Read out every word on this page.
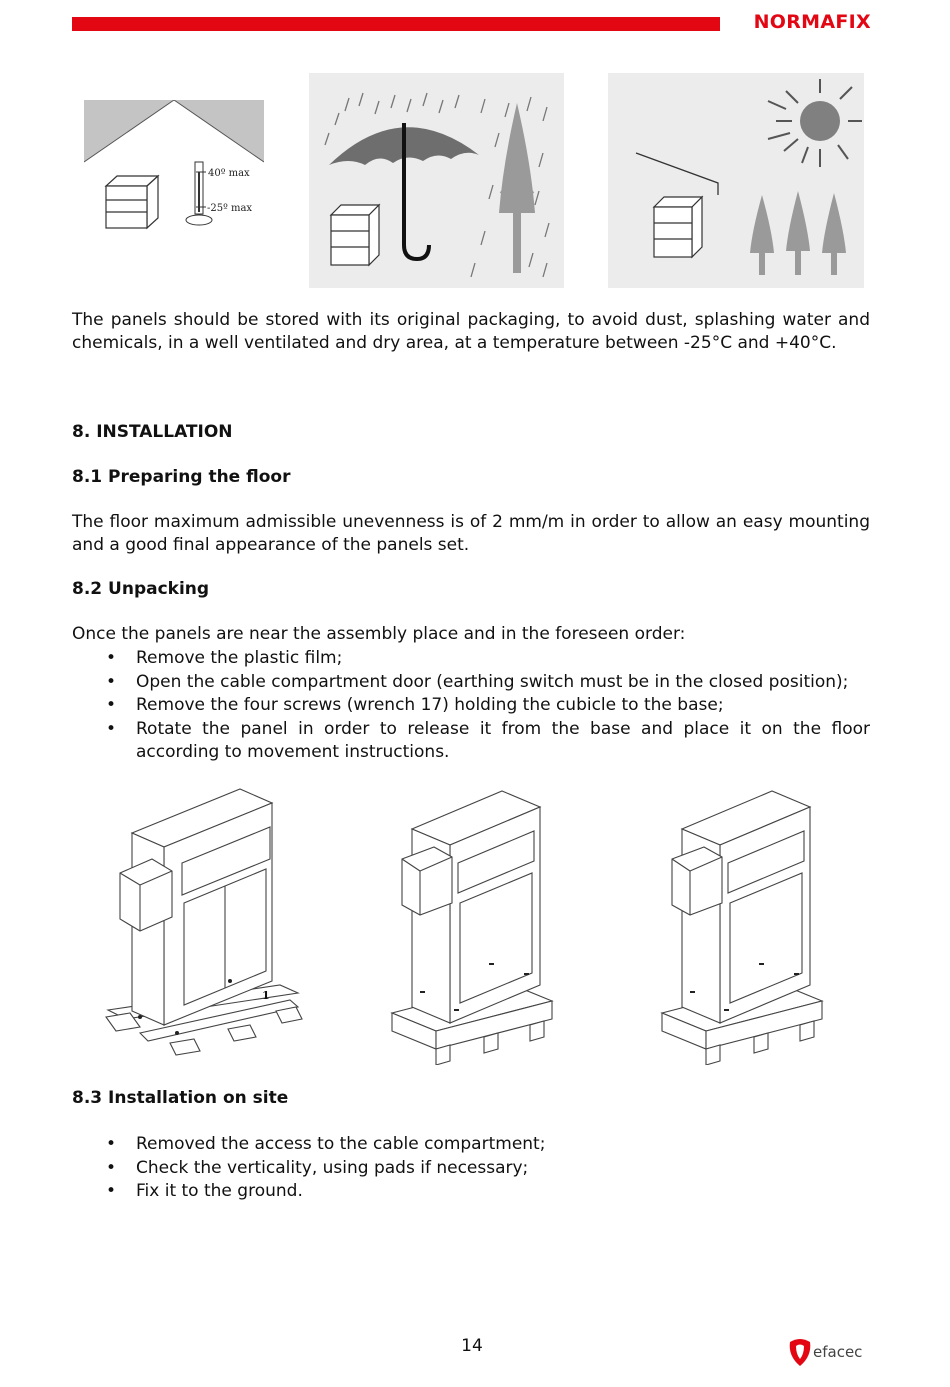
NORMAFIX
40º max
-25º max
The panels should be stored with its original packaging, to avoid dust, splashing water and chemicals, in a well ventilated and dry area, at a temperature between -25°C and +40°C.
8. INSTALLATION
8.1 Preparing the floor
The floor maximum admissible unevenness is of 2 mm/m in order to allow an easy mounting and a good final appearance of the panels set.
8.2 Unpacking
Once the panels are near the assembly place and in the foreseen order:
• Remove the plastic film;
• Open the cable compartment door (earthing switch must be in the closed position);
• Remove the four screws (wrench 17) holding the cubicle to the base;
• Rotate the panel in order to release it from the base and place it on the floor according to movement instructions.
1
8.3 Installation on site
• Removed the access to the cable compartment;
• Check the verticality, using pads if necessary;
• Fix it to the ground.
14	efacec
